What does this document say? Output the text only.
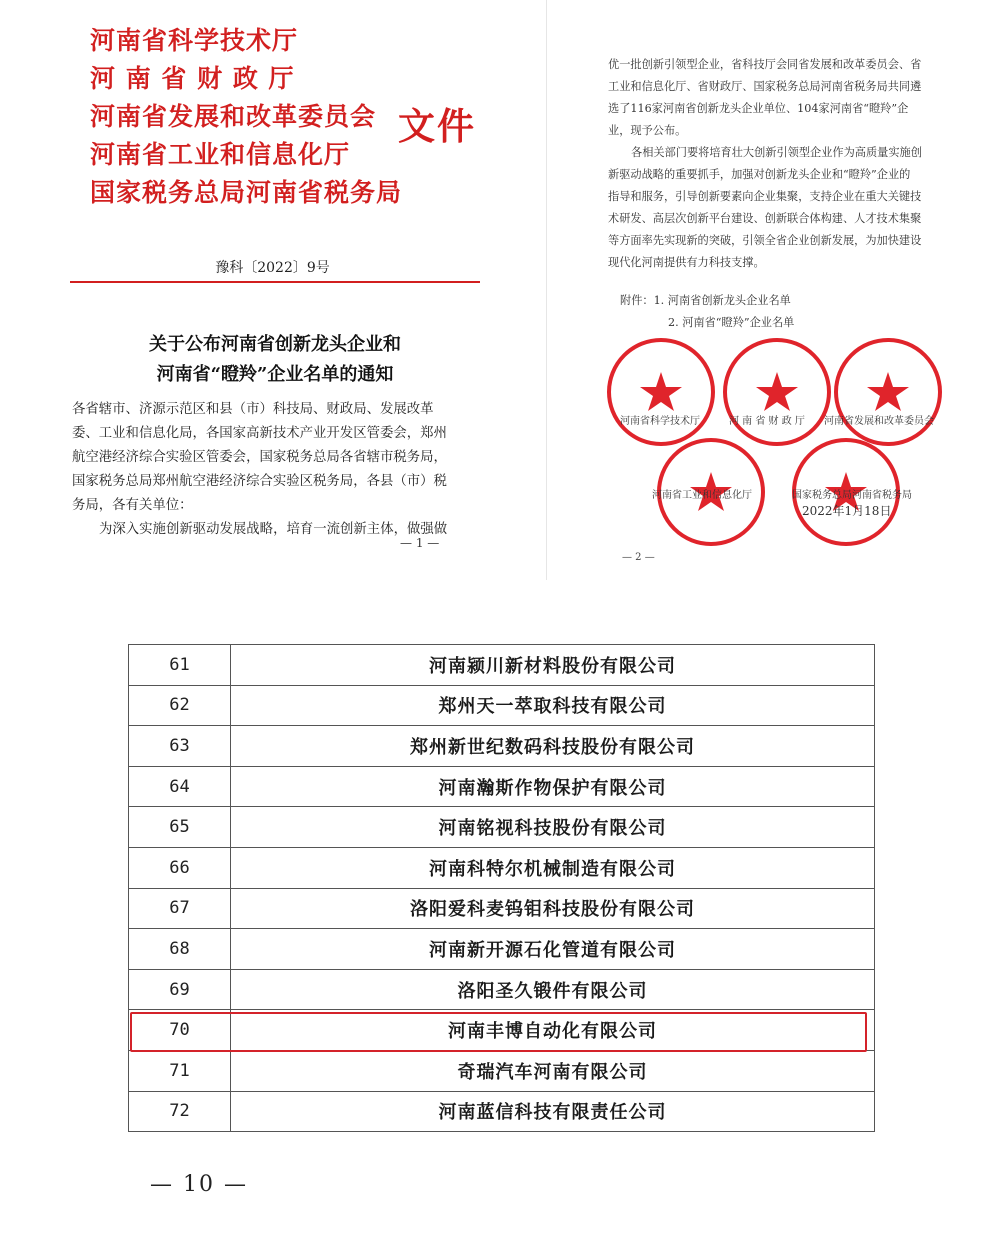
河南省科学技术厅
河 南 省 财 政 厅
河南省发展和改革委员会
河南省工业和信息化厅
国家税务总局河南省税务局
文件
豫科〔2022〕9号
关于公布河南省创新龙头企业和
河南省“瞪羚”企业名单的通知
各省辖市、济源示范区和县（市）科技局、财政局、发展改革
委、工业和信息化局，各国家高新技术产业开发区管委会，郑州
航空港经济综合实验区管委会，国家税务总局各省辖市税务局，
国家税务总局郑州航空港经济综合实验区税务局，各县（市）税
务局，各有关单位：
为深入实施创新驱动发展战略，培育一流创新主体，做强做
— 1 —
优一批创新引领型企业，省科技厅会同省发展和改革委员会、省
工业和信息化厅、省财政厅、国家税务总局河南省税务局共同遴
选了116家河南省创新龙头企业单位、104家河南省“瞪羚”企
业，现予公布。
各相关部门要将培育壮大创新引领型企业作为高质量实施创
新驱动战略的重要抓手，加强对创新龙头企业和“瞪羚”企业的
指导和服务，引导创新要素向企业集聚，支持企业在重大关键技
术研发、高层次创新平台建设、创新联合体构建、人才技术集聚
等方面率先实现新的突破，引领全省企业创新发展，为加快建设
现代化河南提供有力科技支撑。
附件：1. 河南省创新龙头企业名单
2. 河南省“瞪羚”企业名单
河南省科学技术厅	河 南 省 财 政 厅 河南省发展和改革委员会
河南省工业和信息化厅	国家税务总局河南省税务局
2022年1月18日
— 2 —
61	河南颍川新材料股份有限公司
62	郑州天一萃取科技有限公司
63	郑州新世纪数码科技股份有限公司
64	河南瀚斯作物保护有限公司
65	河南铭视科技股份有限公司
66	河南科特尔机械制造有限公司
67	洛阳爱科麦钨钼科技股份有限公司
68	河南新开源石化管道有限公司
69	洛阳圣久锻件有限公司
70	河南丰博自动化有限公司
71	奇瑞汽车河南有限公司
72	河南蓝信科技有限责任公司
— 10 —
